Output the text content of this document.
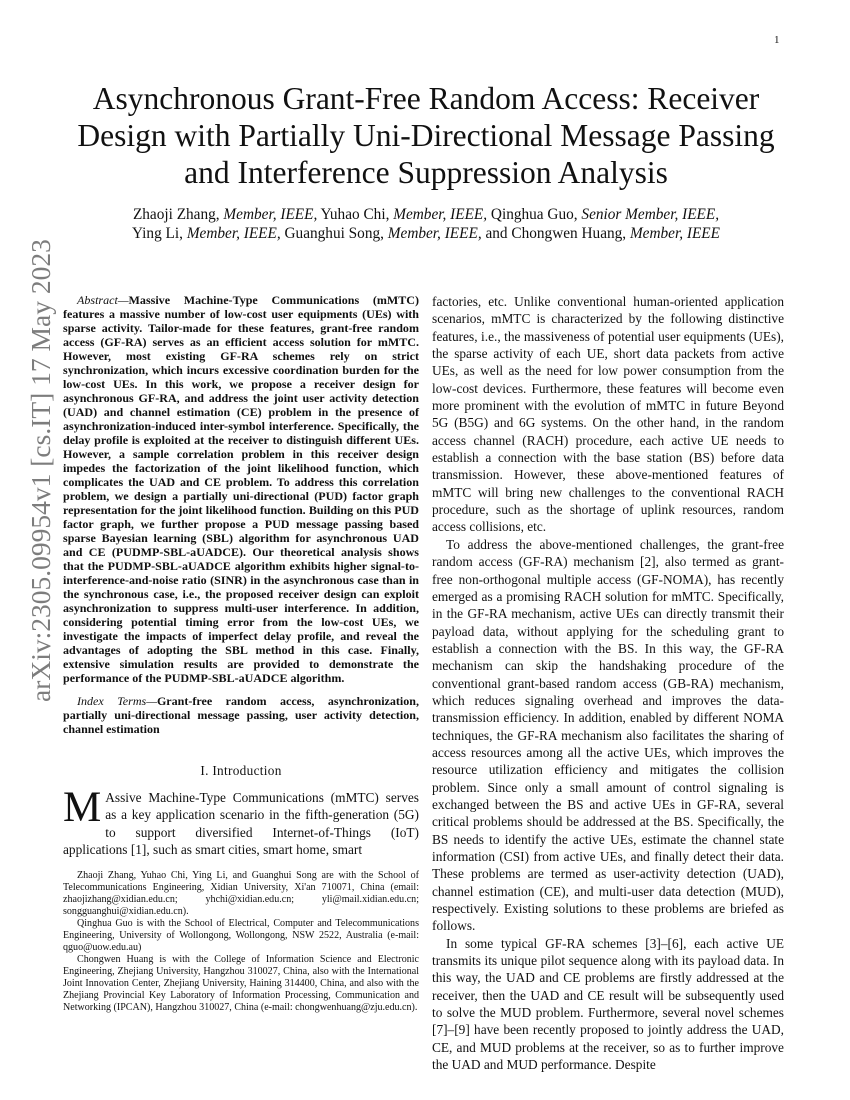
1
arXiv:2305.09954v1 [cs.IT] 17 May 2023
Asynchronous Grant-Free Random Access: Receiver Design with Partially Uni-Directional Message Passing and Interference Suppression Analysis
Zhaoji Zhang, Member, IEEE, Yuhao Chi, Member, IEEE, Qinghua Guo, Senior Member, IEEE,
Ying Li, Member, IEEE, Guanghui Song, Member, IEEE, and Chongwen Huang, Member, IEEE

Abstract—Massive Machine-Type Communications (mMTC) features a massive number of low-cost user equipments (UEs) with sparse activity. Tailor-made for these features, grant-free random access (GF-RA) serves as an efficient access solution for mMTC. However, most existing GF-RA schemes rely on strict synchronization, which incurs excessive coordination burden for the low-cost UEs. In this work, we propose a receiver design for asynchronous GF-RA, and address the joint user activity detection (UAD) and channel estimation (CE) problem in the presence of asynchronization-induced inter-symbol interference. Specifically, the delay profile is exploited at the receiver to distinguish different UEs. However, a sample correlation problem in this receiver design impedes the factorization of the joint likelihood function, which complicates the UAD and CE problem. To address this correlation problem, we design a partially uni-directional (PUD) factor graph representation for the joint likelihood function. Building on this PUD factor graph, we further propose a PUD message passing based sparse Bayesian learning (SBL) algorithm for asynchronous UAD and CE (PUDMP-SBL-aUADCE). Our theoretical analysis shows that the PUDMP-SBL-aUADCE algorithm exhibits higher signal-to-interference-and-noise ratio (SINR) in the asynchronous case than in the synchronous case, i.e., the proposed receiver design can exploit asynchronization to suppress multi-user interference. In addition, considering potential timing error from the low-cost UEs, we investigate the impacts of imperfect delay profile, and reveal the advantages of adopting the SBL method in this case. Finally, extensive simulation results are provided to demonstrate the performance of the PUDMP-SBL-aUADCE algorithm.

Index Terms—Grant-free random access, asynchronization, partially uni-directional message passing, user activity detection, channel estimation

I. Introduction

M Assive Machine-Type Communications (mMTC) serves as a key application scenario in the fifth-generation (5G) to support diversified Internet-of-Things (IoT) applications [1], such as smart cities, smart home, smart

Zhaoji Zhang, Yuhao Chi, Ying Li, and Guanghui Song are with the School of Telecommunications Engineering, Xidian University, Xi'an 710071, China (email: zhaojizhang@xidian.edu.cn; yhchi@xidian.edu.cn; yli@mail.xidian.edu.cn; songguanghui@xidian.edu.cn).

Qinghua Guo is with the School of Electrical, Computer and Telecommunications Engineering, University of Wollongong, Wollongong, NSW 2522, Australia (e-mail: qguo@uow.edu.au)

Chongwen Huang is with the College of Information Science and Electronic Engineering, Zhejiang University, Hangzhou 310027, China, also with the International Joint Innovation Center, Zhejiang University, Haining 314400, China, and also with the Zhejiang Provincial Key Laboratory of Information Processing, Communication and Networking (IPCAN), Hangzhou 310027, China (e-mail: chongwenhuang@zju.edu.cn).

factories, etc. Unlike conventional human-oriented application scenarios, mMTC is characterized by the following distinctive features, i.e., the massiveness of potential user equipments (UEs), the sparse activity of each UE, short data packets from active UEs, as well as the need for low power consumption from the low-cost devices. Furthermore, these features will become even more prominent with the evolution of mMTC in future Beyond 5G (B5G) and 6G systems. On the other hand, in the random access channel (RACH) procedure, each active UE needs to establish a connection with the base station (BS) before data transmission. However, these above-mentioned features of mMTC will bring new challenges to the conventional RACH procedure, such as the shortage of uplink resources, random access collisions, etc.

To address the above-mentioned challenges, the grant-free random access (GF-RA) mechanism [2], also termed as grant-free non-orthogonal multiple access (GF-NOMA), has recently emerged as a promising RACH solution for mMTC. Specifically, in the GF-RA mechanism, active UEs can directly transmit their payload data, without applying for the scheduling grant to establish a connection with the BS. In this way, the GF-RA mechanism can skip the handshaking procedure of the conventional grant-based random access (GB-RA) mechanism, which reduces signaling overhead and improves the data-transmission efficiency. In addition, enabled by different NOMA techniques, the GF-RA mechanism also facilitates the sharing of access resources among all the active UEs, which improves the resource utilization efficiency and mitigates the collision problem. Since only a small amount of control signaling is exchanged between the BS and active UEs in GF-RA, several critical problems should be addressed at the BS. Specifically, the BS needs to identify the active UEs, estimate the channel state information (CSI) from active UEs, and finally detect their data. These problems are termed as user-activity detection (UAD), channel estimation (CE), and multi-user data detection (MUD), respectively. Existing solutions to these problems are briefed as follows.

In some typical GF-RA schemes [3]–[6], each active UE transmits its unique pilot sequence along with its payload data. In this way, the UAD and CE problems are firstly addressed at the receiver, then the UAD and CE result will be subsequently used to solve the MUD problem. Furthermore, several novel schemes [7]–[9] have been recently proposed to jointly address the UAD, CE, and MUD problems at the receiver, so as to further improve the UAD and MUD performance. Despite
